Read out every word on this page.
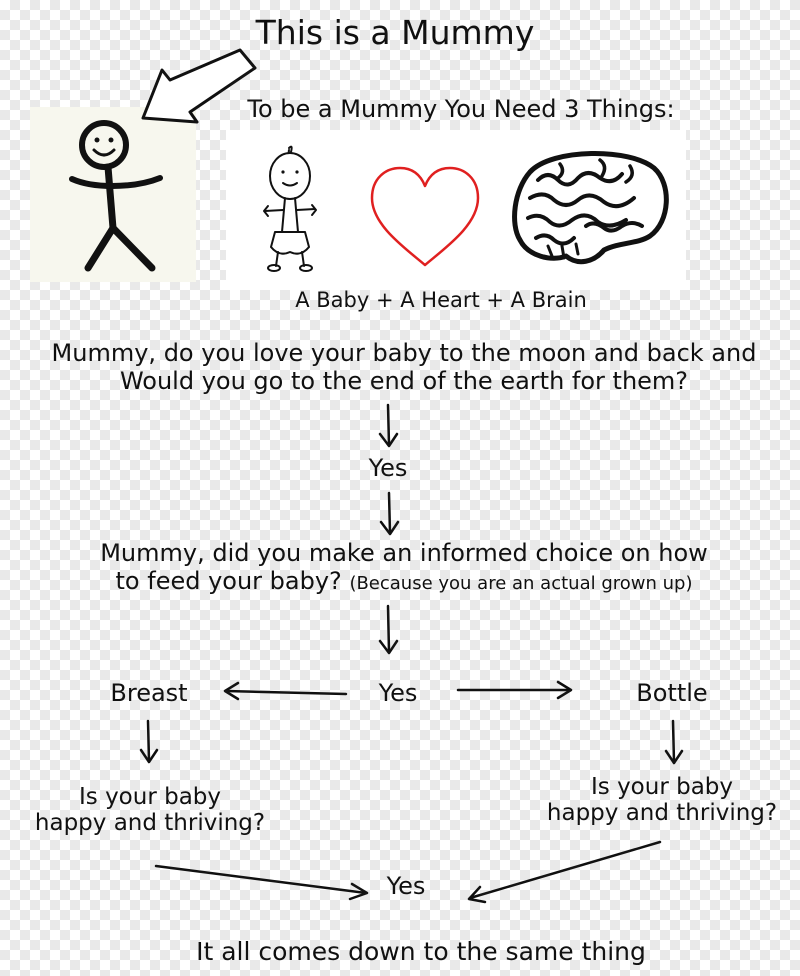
This is a Mummy
To be a Mummy You Need 3 Things:
A Baby + A Heart + A Brain
Mummy, do you love your baby to the moon and back and
Would you go to the end of the earth for them?
Yes
Mummy, did you make an informed choice on how
to feed your baby? (Because you are an actual grown up)
Yes
Breast	Bottle
Is your baby
happy and thriving?
Is your baby
happy and thriving?
Yes
It all comes down to the same thing
